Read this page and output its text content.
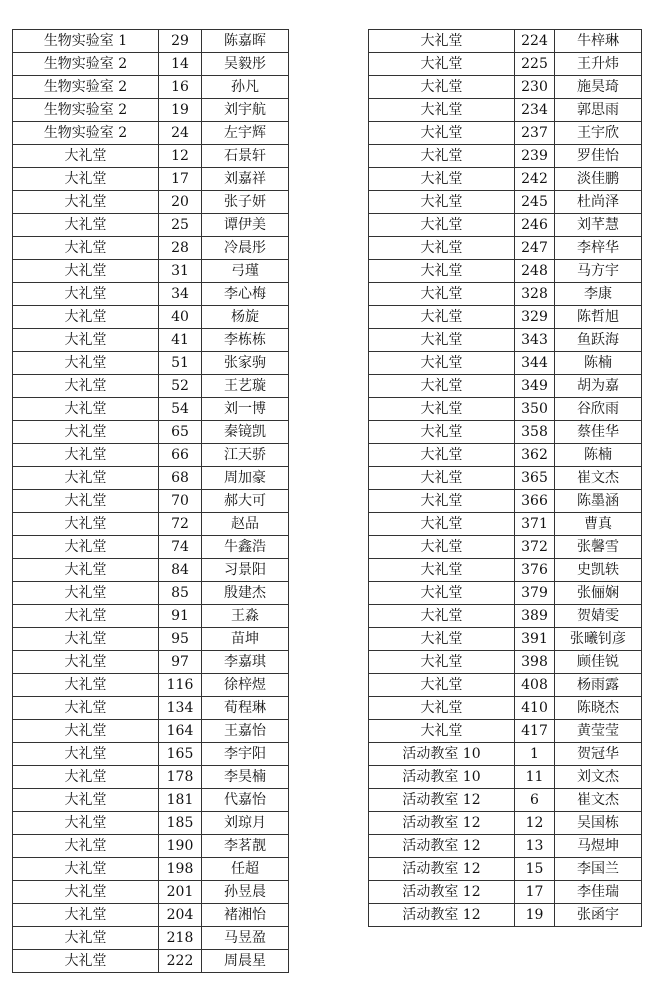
生物实验室 1	29	陈嘉晖
生物实验室 2	14	吴毅彤
生物实验室 2	16	孙凡
生物实验室 2	19	刘宇航
生物实验室 2	24	左宇辉
大礼堂	12	石景轩
大礼堂	17	刘嘉祥
大礼堂	20	张子妍
大礼堂	25	谭伊美
大礼堂	28	冷晨彤
大礼堂	31	弓瑾
大礼堂	34	李心梅
大礼堂	40	杨旋
大礼堂	41	李栋栋
大礼堂	51	张家驹
大礼堂	52	王艺璇
大礼堂	54	刘一博
大礼堂	65	秦镜凯
大礼堂	66	江天骄
大礼堂	68	周加豪
大礼堂	70	郝大可
大礼堂	72	赵品
大礼堂	74	牛鑫浩
大礼堂	84	习景阳
大礼堂	85	殷建杰
大礼堂	91	王淼
大礼堂	95	苗坤
大礼堂	97	李嘉琪
大礼堂	116	徐梓煜
大礼堂	134	荀程琳
大礼堂	164	王嘉怡
大礼堂	165	李宇阳
大礼堂	178	李昊楠
大礼堂	181	代嘉怡
大礼堂	185	刘琼月
大礼堂	190	李茗靓
大礼堂	198	任超
大礼堂	201	孙昱晨
大礼堂	204	褚湘怡
大礼堂	218	马昱盈
大礼堂	222	周晨星
大礼堂	224	牛梓琳
大礼堂	225	王升炜
大礼堂	230	施昊琦
大礼堂	234	郭思雨
大礼堂	237	王宇欣
大礼堂	239	罗佳怡
大礼堂	242	淡佳鹏
大礼堂	245	杜尚泽
大礼堂	246	刘芊慧
大礼堂	247	李梓华
大礼堂	248	马方宇
大礼堂	328	李康
大礼堂	329	陈哲旭
大礼堂	343	鱼跃海
大礼堂	344	陈楠
大礼堂	349	胡为嘉
大礼堂	350	谷欣雨
大礼堂	358	蔡佳华
大礼堂	362	陈楠
大礼堂	365	崔文杰
大礼堂	366	陈墨涵
大礼堂	371	曹真
大礼堂	372	张馨雪
大礼堂	376	史凯轶
大礼堂	379	张俪娴
大礼堂	389	贺婧雯
大礼堂	391	张曦钊彦
大礼堂	398	顾佳锐
大礼堂	408	杨雨露
大礼堂	410	陈晓杰
大礼堂	417	黄莹莹
活动教室 10	1	贺冠华
活动教室 10	11	刘文杰
活动教室 12	6	崔文杰
活动教室 12	12	吴国栋
活动教室 12	13	马煜坤
活动教室 12	15	李国兰
活动教室 12	17	李佳瑞
活动教室 12	19	张函宇
